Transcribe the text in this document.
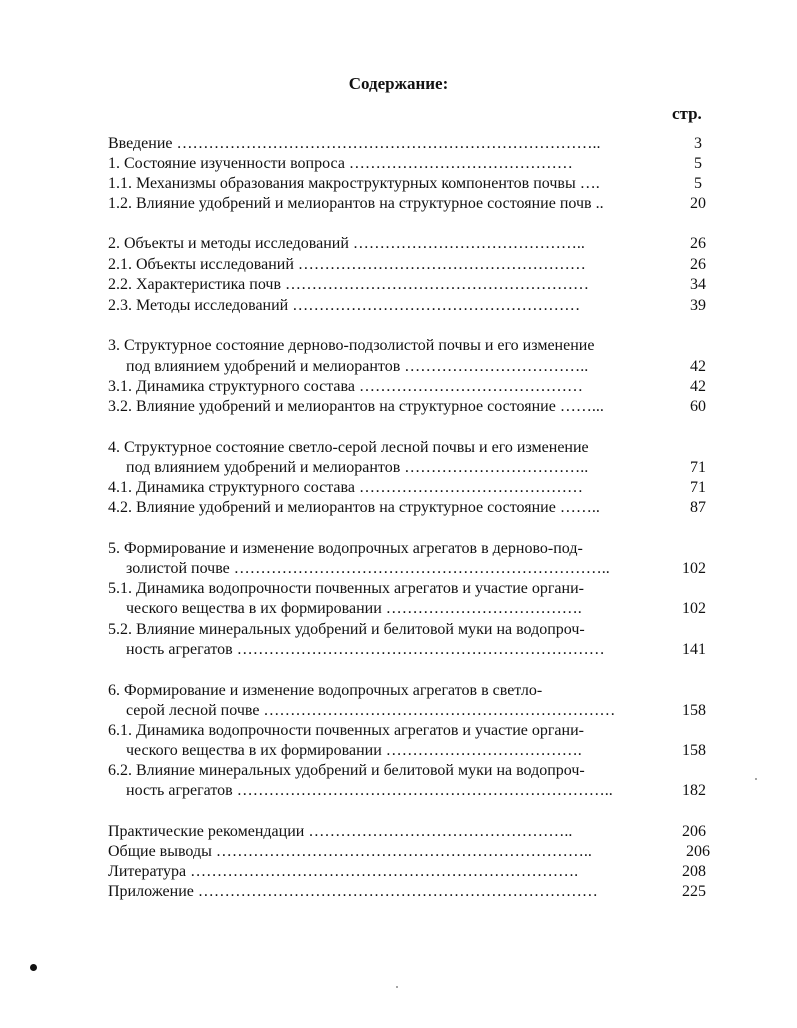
Содержание:
стр.
Введение ……………………………………………………………………..	3
1. Состояние изученности вопроса ……………………………………	5
1.1. Механизмы образования макроструктурных компонентов почвы ….	5
1.2. Влияние удобрений и мелиорантов на структурное состояние почв ..	20
2. Объекты и методы исследований ……………………………………..	26
2.1. Объекты исследований ………………………………………………	26
2.2. Характеристика почв …………………………………………………	34
2.3. Методы исследований ………………………………………………	39
3. Структурное состояние дерново-подзолистой почвы и его изменение
под влиянием удобрений и мелиорантов ……………………………..	42
3.1. Динамика структурного состава ……………………………………	42
3.2. Влияние удобрений и мелиорантов на структурное состояние ……...	60
4. Структурное состояние светло-серой лесной почвы и его изменение
под влиянием удобрений и мелиорантов ……………………………..	71
4.1. Динамика структурного состава ……………………………………	71
4.2. Влияние удобрений и мелиорантов на структурное состояние ……..	87
5. Формирование и изменение водопрочных агрегатов в дерново-под-
золистой почве ……………………………………………………………..	102
5.1. Динамика водопрочности почвенных агрегатов и участие органи-
ческого вещества в их формировании ……………………………….	102
5.2. Влияние минеральных удобрений и белитовой муки на водопроч-
ность агрегатов ……………………………………………………………	141
6. Формирование и изменение водопрочных агрегатов в светло-
серой лесной почве …………………………………………………………	158
6.1. Динамика водопрочности почвенных агрегатов и участие органи-
ческого вещества в их формировании ……………………………….	158
6.2. Влияние минеральных удобрений и белитовой муки на водопроч-
ность агрегатов ……………………………………………………………..	182
Практические рекомендации …………………………………………..	206
Общие выводы ……………………………………………………………..	206
Литература ……………………………………………………………….	208
Приложение …………………………………………………………………	225
